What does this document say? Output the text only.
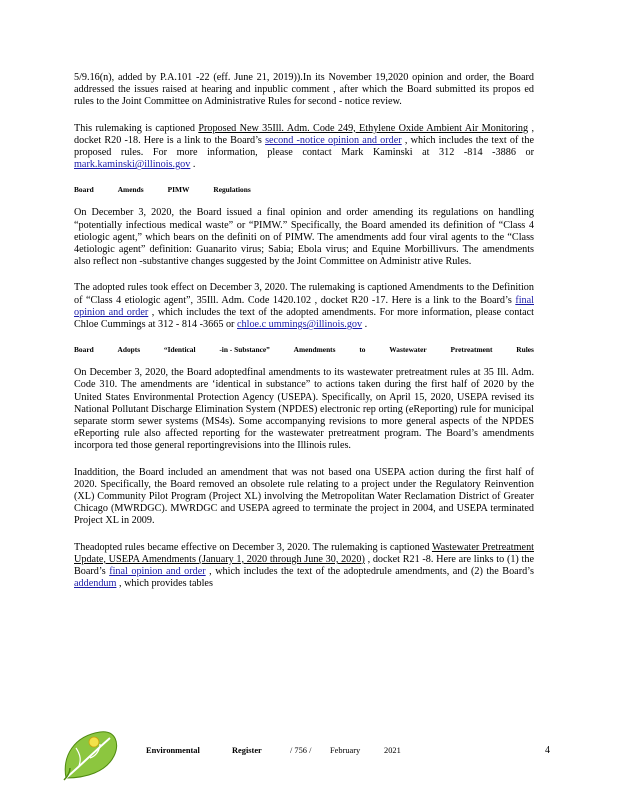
5/9.16(n), added by P.A.101 -22 (eff. June 21, 2019)).In its November 19,2020 opinion and order, the Board addressed the issues raised at hearing and inpublic comment , after which the Board submitted its propos ed rules to the Joint Committee on Administrative Rules for second - notice review.

This rulemaking is captioned Proposed New 35Ill. Adm. Code 249, Ethylene Oxide Ambient Air Monitoring , docket R20 -18. Here is a link to the Board’s second -notice opinion and order , which includes the text of the proposed rules. For more information, please contact Mark Kaminski at 312 -814 -3886 or mark.kaminski@illinois.gov .

Board	Amends	PIMW	Regulations

On December 3, 2020, the Board issued a final opinion and order amending its regulations on handling “potentially infectious medical waste” or “PIMW.” Specifically, the Board amended its definition of “Class 4 etiologic agent,” which bears on the definiti on of PIMW. The amendments add four viral agents to the “Class 4etiologic agent” definition: Guanarito virus; Sabia; Ebola virus; and Equine Morbillivurs. The amendments also reflect non -substantive changes suggested by the Joint Committee on Administr ative Rules.

The adopted rules took effect on December 3, 2020. The rulemaking is captioned Amendments to the Definition of “Class 4 etiologic agent”, 35Ill. Adm. Code 1420.102 , docket R20 -17. Here is a link to the Board’s final opinion and order , which includes the text of the adopted amendments. For more information, please contact Chloe Cummings at 312 - 814 -3665 or chloe.c ummings@illinois.gov .

Board	Adopts	“Identical	-in - Substance”	Amendments	to	Wastewater	Pretreatment	Rules

On December 3, 2020, the Board adoptedfinal amendments to its wastewater pretreatment rules at 35 Ill. Adm. Code 310. The amendments are ‘identical in substance” to actions taken during the first half of 2020 by the United States Environmental Protection Agency (USEPA). Specifically, on April 15, 2020, USEPA revised its National Pollutant Discharge Elimination System (NPDES) electronic rep orting (eReporting) rule for municipal separate storm sewer systems (MS4s). Some accompanying revisions to more general aspects of the NPDES eReporting rule also affected reporting for the wastewater pretreatment program. The Board’s amendments incorpora ted those general reportingrevisions into the Illinois rules.

Inaddition, the Board included an amendment that was not based ona USEPA action during the first half of 2020. Specifically, the Board removed an obsolete rule relating to a project under the Regulatory Reinvention (XL) Community Pilot Program (Project XL) involving the Metropolitan Water Reclamation District of Greater Chicago (MWRDGC). MWRDGC and USEPA agreed to terminate the project in 2004, and USEPA terminated Project XL in 2009.

Theadopted rules became effective on December 3, 2020. The rulemaking is captioned Wastewater Pretreatment Update, USEPA Amendments (January 1, 2020 through June 30, 2020) , docket R21 -8. Here are links to (1) the Board’s final opinion and order , which includes the text of the adoptedrule amendments, and (2) the Board’s addendum , which provides tables

Environmental	Register	/ 756 /	February	2021	4
